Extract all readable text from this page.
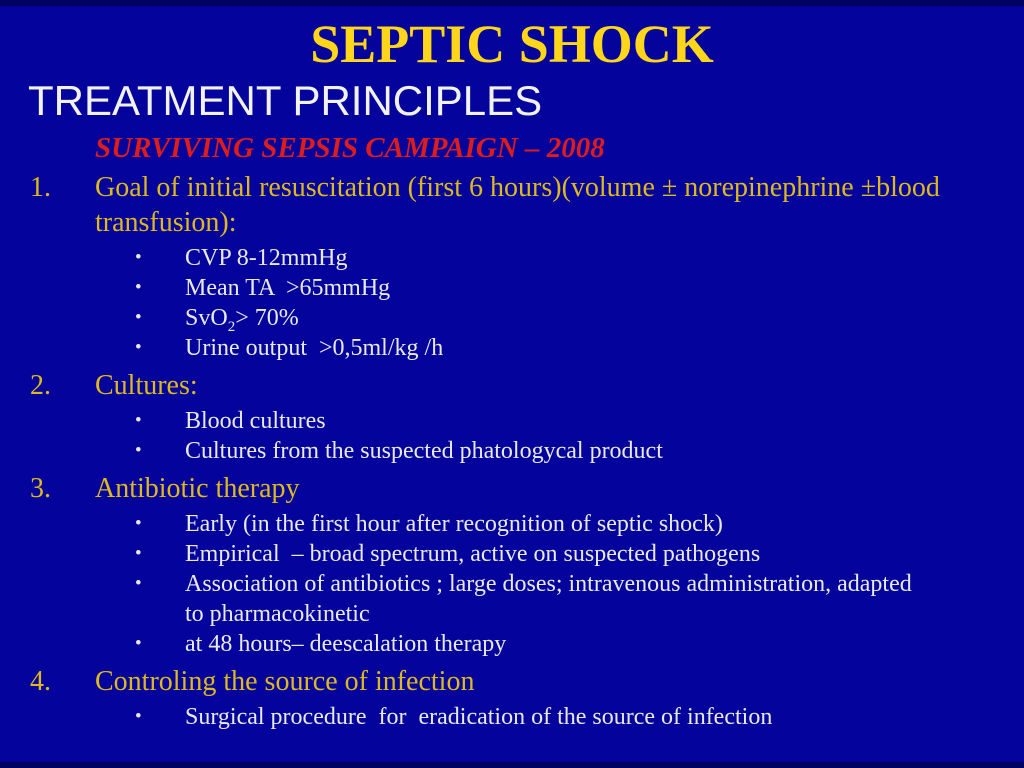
SEPTIC SHOCK
TREATMENT PRINCIPLES
SURVIVING SEPSIS CAMPAIGN – 2008
1.	Goal of initial resuscitation (first 6 hours)(volume ± norepinephrine ±blood transfusion):
•	CVP 8-12mmHg
•	Mean TA  >65mmHg
•	SvO$_2$> 70%
•	Urine output  >0,5ml/kg /h
2.	Cultures:
•	Blood cultures
•	Cultures from the suspected phatologycal product
3.	Antibiotic therapy
•	Early (in the first hour after recognition of septic shock)
•	Empirical  – broad spectrum, active on suspected pathogens
•	Association of antibiotics ; large doses; intravenous administration, adapted  to pharmacokinetic
•	at 48 hours– deescalation therapy
4.	Controling the source of infection
•	Surgical procedure  for  eradication of the source of infection
